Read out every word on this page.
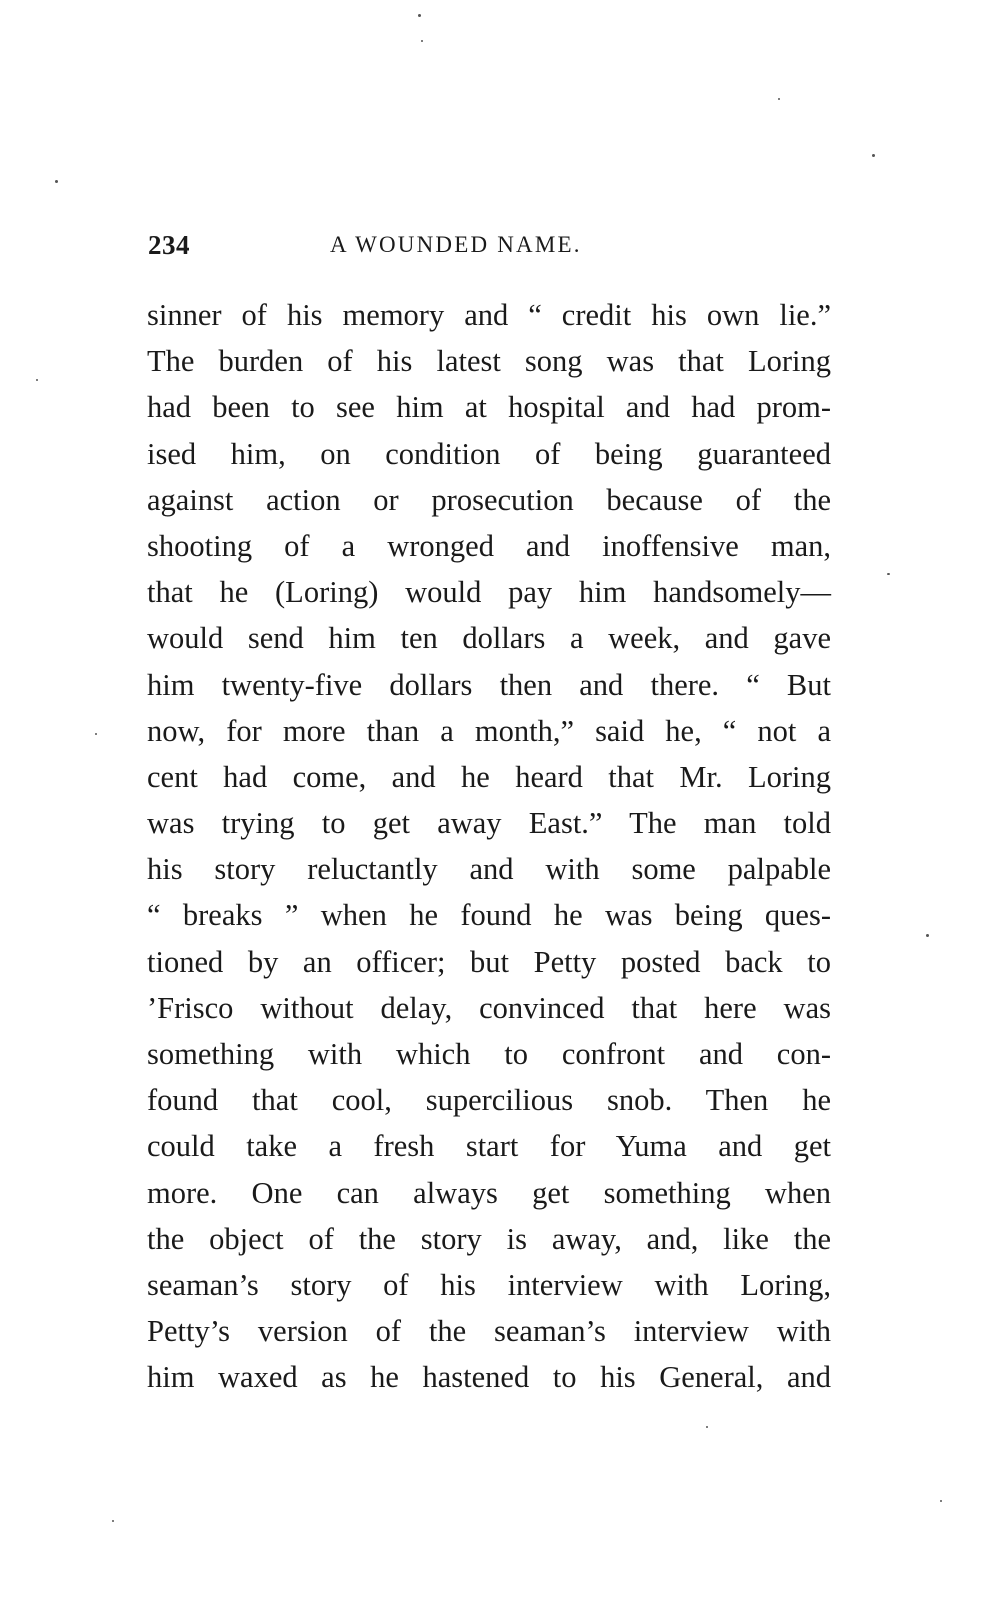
234	A WOUNDED NAME.
sinner of his memory and “ credit his own lie.”
The burden of his latest song was that Loring
had been to see him at hospital and had prom-
ised him, on condition of being guaranteed
against action or prosecution because of the
shooting of a wronged and inoffensive man,
that he (Loring) would pay him handsomely—
would send him ten dollars a week, and gave
him twenty-five dollars then and there. “ But
now, for more than a month,” said he, “ not a
cent had come, and he heard that Mr. Loring
was trying to get away East.” The man told
his story reluctantly and with some palpable
“ breaks ” when he found he was being ques-
tioned by an officer; but Petty posted back to
’Frisco without delay, convinced that here was
something with which to confront and con-
found that cool, supercilious snob. Then he
could take a fresh start for Yuma and get
more. One can always get something when
the object of the story is away, and, like the
seaman’s story of his interview with Loring,
Petty’s version of the seaman’s interview with
him waxed as he hastened to his General, and
